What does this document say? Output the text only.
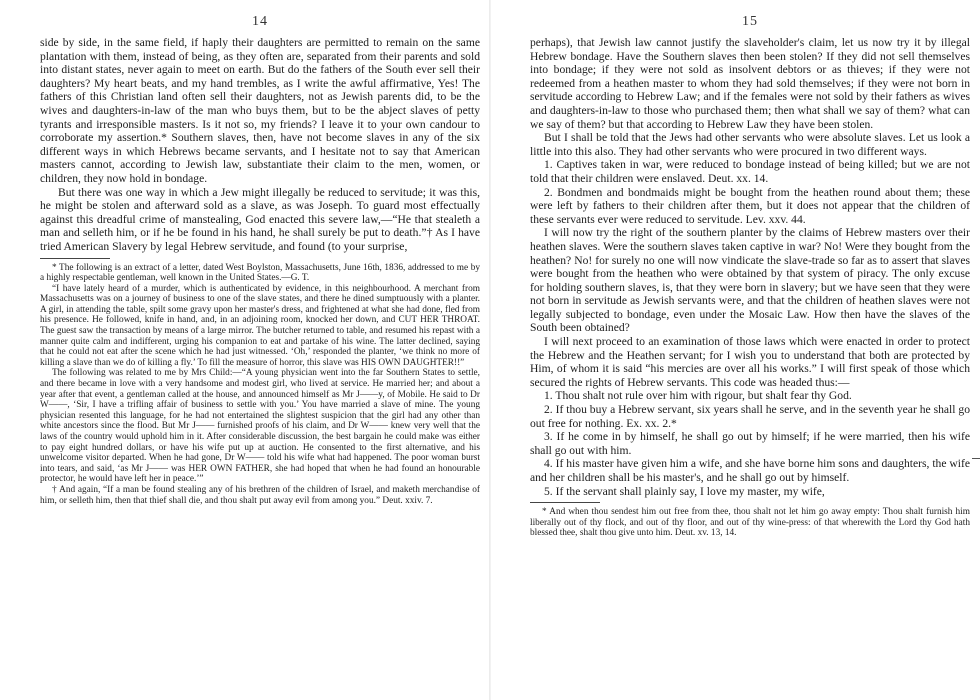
14

side by side, in the same field, if haply their daughters are permitted to remain on the same plantation with them, instead of being, as they often are, separated from their parents and sold into distant states, never again to meet on earth. But do the fathers of the South ever sell their daughters? My heart beats, and my hand trembles, as I write the awful affirmative, Yes! The fathers of this Christian land often sell their daughters, not as Jewish parents did, to be the wives and daughters-in-law of the man who buys them, but to be the abject slaves of petty tyrants and irresponsible masters. Is it not so, my friends? I leave it to your own candour to corroborate my assertion.* Southern slaves, then, have not become slaves in any of the six different ways in which Hebrews became servants, and I hesitate not to say that American masters cannot, according to Jewish law, substantiate their claim to the men, women, or children, they now hold in bondage.

But there was one way in which a Jew might illegally be reduced to servitude; it was this, he might be stolen and afterward sold as a slave, as was Joseph. To guard most effectually against this dreadful crime of manstealing, God enacted this severe law,—“He that stealeth a man and selleth him, or if he be found in his hand, he shall surely be put to death.”† As I have tried American Slavery by legal Hebrew servitude, and found (to your surprise,

* The following is an extract of a letter, dated West Boylston, Massachusetts, June 16th, 1836, addressed to me by a highly respectable gentleman, well known in the United States.—G. T.

“I have lately heard of a murder, which is authenticated by evidence, in this neighbourhood. A merchant from Massachusetts was on a journey of business to one of the slave states, and there he dined sumptuously with a planter. A girl, in attending the table, spilt some gravy upon her master's dress, and frightened at what she had done, fled from his presence. He followed, knife in hand, and, in an adjoining room, knocked her down, and CUT HER THROAT. The guest saw the transaction by means of a large mirror. The butcher returned to table, and resumed his repast with a manner quite calm and indifferent, urging his companion to eat and partake of his wine. The latter declined, saying that he could not eat after the scene which he had just witnessed. ‘Oh,’ responded the planter, ‘we think no more of killing a slave than we do of killing a fly.’ To fill the measure of horror, this slave was HIS OWN DAUGHTER!!”

The following was related to me by Mrs Child:—“A young physician went into the far Southern States to settle, and there became in love with a very handsome and modest girl, who lived at service. He married her; and about a year after that event, a gentleman called at the house, and announced himself as Mr J——y, of Mobile. He said to Dr W——, ‘Sir, I have a trifling affair of business to settle with you.’ You have married a slave of mine. The young physician resented this language, for he had not entertained the slightest suspicion that the girl had any other than white ancestors since the flood. But Mr J—— furnished proofs of his claim, and Dr W—— knew very well that the laws of the country would uphold him in it. After considerable discussion, the best bargain he could make was either to pay eight hundred dollars, or have his wife put up at auction. He consented to the first alternative, and his unwelcome visitor departed. When he had gone, Dr W—— told his wife what had happened. The poor woman burst into tears, and said, ‘as Mr J—— was HER OWN FATHER, she had hoped that when he had found an honourable protector, he would have left her in peace.’”

† And again, “If a man be found stealing any of his brethren of the children of Israel, and maketh merchandise of him, or selleth him, then that thief shall die, and thou shalt put away evil from among you.” Deut. xxiv. 7.

15

perhaps), that Jewish law cannot justify the slaveholder's claim, let us now try it by illegal Hebrew bondage. Have the Southern slaves then been stolen? If they did not sell themselves into bondage; if they were not sold as insolvent debtors or as thieves; if they were not redeemed from a heathen master to whom they had sold themselves; if they were not born in servitude according to Hebrew Law; and if the females were not sold by their fathers as wives and daughters-in-law to those who purchased them; then what shall we say of them? what can we say of them? but that according to Hebrew Law they have been stolen.

But I shall be told that the Jews had other servants who were absolute slaves. Let us look a little into this also. They had other servants who were procured in two different ways.

1. Captives taken in war, were reduced to bondage instead of being killed; but we are not told that their children were enslaved. Deut. xx. 14.

2. Bondmen and bondmaids might be bought from the heathen round about them; these were left by fathers to their children after them, but it does not appear that the children of these servants ever were reduced to servitude. Lev. xxv. 44.

I will now try the right of the southern planter by the claims of Hebrew masters over their heathen slaves. Were the southern slaves taken captive in war? No! Were they bought from the heathen? No! for surely no one will now vindicate the slave-trade so far as to assert that slaves were bought from the heathen who were obtained by that system of piracy. The only excuse for holding southern slaves, is, that they were born in slavery; but we have seen that they were not born in servitude as Jewish servants were, and that the children of heathen slaves were not legally subjected to bondage, even under the Mosaic Law. How then have the slaves of the South been obtained?

I will next proceed to an examination of those laws which were enacted in order to protect the Hebrew and the Heathen servant; for I wish you to understand that both are protected by Him, of whom it is said “his mercies are over all his works.” I will first speak of those which secured the rights of Hebrew servants. This code was headed thus:—

1. Thou shalt not rule over him with rigour, but shalt fear thy God.

2. If thou buy a Hebrew servant, six years shall he serve, and in the seventh year he shall go out free for nothing. Ex. xx. 2.*

3. If he come in by himself, he shall go out by himself; if he were married, then his wife shall go out with him.

4. If his master have given him a wife, and she have borne him sons and daughters, the wife and her children shall be his master's, and he shall go out by himself.

5. If the servant shall plainly say, I love my master, my wife,

* And when thou sendest him out free from thee, thou shalt not let him go away empty: Thou shalt furnish him liberally out of thy flock, and out of thy floor, and out of thy wine-press: of that wherewith the Lord thy God hath blessed thee, shalt thou give unto him. Deut. xv. 13, 14.
